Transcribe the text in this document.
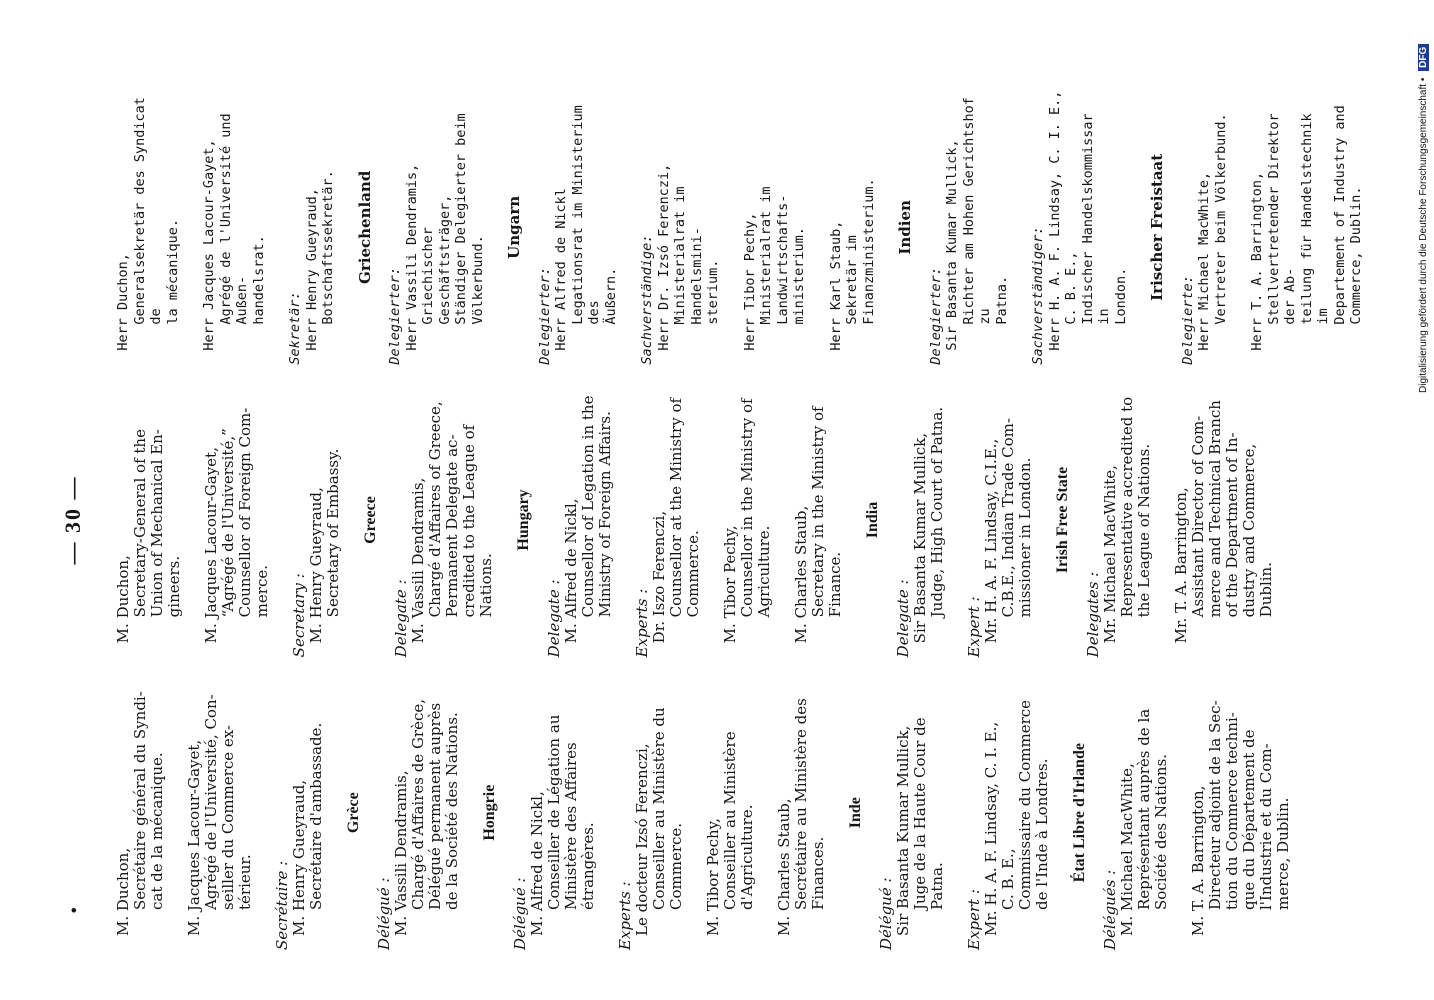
•
— 30 —
M. Duchon, Secrétaire général du Syndi- cat de la mécanique. M. Jacques Lacour-Gayet, Agrégé de l'Université, Con- seiller du Commerce ex- térieur. Secrétaire : M. Henry Gueyraud, Secrétaire d'ambassade. Grèce
Délégué : M. Vassili Dendramis, Chargé d'Affaires de Grèce, Délégué permanent auprès de la Société des Nations. Hongrie
Délégué : M. Alfred de Nickl, Conseiller de Légation au Ministère des Affaires étrangères.
Experts : Le docteur Izsó Ferenczi, Conseiller au Ministère du Commerce. M. Tibor Pechy, Conseiller au Ministère d'Agriculture. M. Charles Staub, Secrétaire au Ministère des Finances.
Inde
Délégué : Sir Basanta Kumar Mullick, Juge de la Haute Cour de Patna.
Expert : Mr. H. A. F. Lindsay, C. I. E., C. B. E., Commissaire du Commerce de l'Inde à Londres. État Libre d'Irlande
Délégués : M. Michael MacWhite, Représentant auprès de la Société des Nations. M. T. A. Barrington, Directeur adjoint de la Sec- tion du Commerce techni- que du Département de l'Industrie et du Com- merce, Dublin.
M. Duchon, Secretary-General of the Union of Mechanical En- gineers. M. Jacques Lacour-Gayet, “Agrégé de l'Université,” Counsellor of Foreign Com- merce. Secretary : M. Henry Gueyraud, Secretary of Embassy. Greece
Delegate : M. Vassili Dendramis, Chargé d'Affaires of Greece, Permanent Delegate ac- credited to the League of Nations.
Hungary
Delegate : M. Alfred de Nickl, Counsellor of Legation in the Ministry of Foreign Affairs.
Experts : Dr. Iszo Ferenczi, Counsellor at the Ministry of Commerce. M. Tibor Pechy, Counsellor in the Ministry of Agriculture. M. Charles Staub, Secretary in the Ministry of Finance.
India
Delegate : Sir Basanta Kumar Mullick, Judge, High Court of Patna.
Expert : Mr. H. A. F. Lindsay, C.I.E., C.B.E., Indian Trade Com- missioner in London. Irish Free State
Delegates : Mr. Michael MacWhite, Representative accredited to the League of Nations. Mr. T. A. Barrington, Assistant Director of Com- merce and Technical Branch of the Department of In- dustry and Commerce, Dublin.
Herr Duchon, Generalsekretär des Syndicat de la mécanique. Herr Jacques Lacour-Gayet, Agrégé de l'Université und Außen- handelsrat.
Sekretär: Herr Henry Gueyraud, Botschaftssekretär. Griechenland
Delegierter: Herr Vassili Dendramis, Griechischer Geschäftsträger, Ständiger Delegierter beim Völkerbund.
Ungarn
Delegierter: Herr Alfred de Nickl Legationsrat im Ministerium des Äußern. Sachverständige: Herr Dr. Izsó Ferenczi, Ministerialrat im Handelsmini- sterium. Herr Tibor Pechy, Ministerialrat im Landwirtschafts- ministerium. Herr Karl Staub, Sekretär im Finanzministerium. Indien
Delegierter: Sir Basanta Kumar Mullick, Richter am Hohen Gerichtshof zu Patna. Sachverständiger: Herr H. A. F. Lindsay, C. I. E., C. B. E., Indischer Handelskommissar in London. Irischer Freistaat
Delegierte: Herr Michael MacWhite, Vertreter beim Völkerbund. Herr T. A. Barrington, Stellvertretender Direktor der Ab- teilung für Handelstechnik im Departement of Industry and Commerce, Dublin.	Digitalisierung gefördert durch die Deutsche Forschungsgemeinschaft • DFG
